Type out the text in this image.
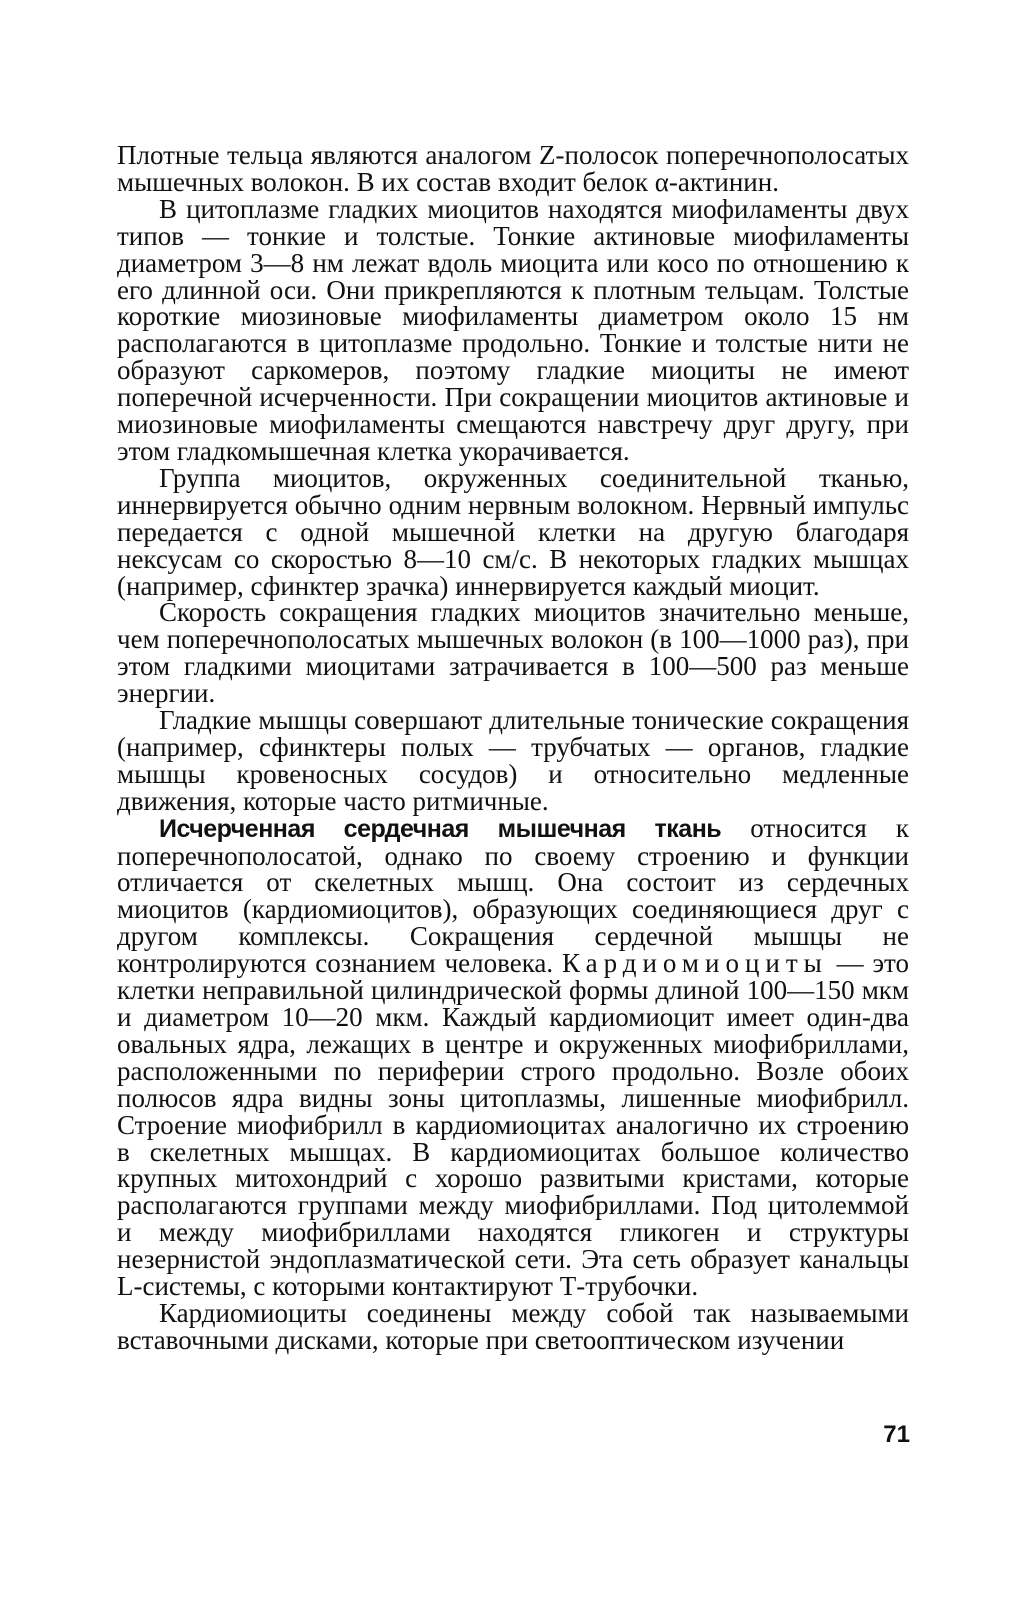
Плотные тельца являются аналогом Z-полосок поперечнополосатых мышечных волокон. В их состав входит белок α-актинин.

В цитоплазме гладких миоцитов находятся миофиламенты двух типов — тонкие и толстые. Тонкие актиновые миофиламенты диаметром 3—8 нм лежат вдоль миоцита или косо по отношению к его длинной оси. Они прикрепляются к плотным тельцам. Толстые короткие миозиновые миофиламенты диаметром около 15 нм располагаются в цитоплазме продольно. Тонкие и толстые нити не образуют саркомеров, поэтому гладкие миоциты не имеют поперечной исчерченности. При сокращении миоцитов актиновые и миозиновые миофиламенты смещаются навстречу друг другу, при этом гладкомышечная клетка укорачивается.

Группа миоцитов, окруженных соединительной тканью, иннервируется обычно одним нервным волокном. Нервный импульс передается с одной мышечной клетки на другую благодаря нексусам со скоростью 8—10 см/с. В некоторых гладких мышцах (например, сфинктер зрачка) иннервируется каждый миоцит.

Скорость сокращения гладких миоцитов значительно меньше, чем поперечнополосатых мышечных волокон (в 100—1000 раз), при этом гладкими миоцитами затрачивается в 100—500 раз меньше энергии.

Гладкие мышцы совершают длительные тонические сокращения (например, сфинктеры полых — трубчатых — органов, гладкие мышцы кровеносных сосудов) и относительно медленные движения, которые часто ритмичные.

Исчерченная сердечная мышечная ткань относится к поперечнополосатой, однако по своему строению и функции отличается от скелетных мышц. Она состоит из сердечных миоцитов (кардиомиоцитов), образующих соединяющиеся друг с другом комплексы. Сокращения сердечной мышцы не контролируются сознанием человека. Кардиомиоциты — это клетки неправильной цилиндрической формы длиной 100—150 мкм и диаметром 10—20 мкм. Каждый кардиомиоцит имеет один-два овальных ядра, лежащих в центре и окруженных миофибриллами, расположенными по периферии строго продольно. Возле обоих полюсов ядра видны зоны цитоплазмы, лишенные миофибрилл. Строение миофибрилл в кардиомиоцитах аналогично их строению в скелетных мышцах. В кардиомиоцитах большое количество крупных митохондрий с хорошо развитыми кристами, которые располагаются группами между миофибриллами. Под цитолеммой и между миофибриллами находятся гликоген и структуры незернистой эндоплазматической сети. Эта сеть образует канальцы L-системы, с которыми контактируют Т-трубочки.

Кардиомиоциты соединены между собой так называемыми вставочными дисками, которые при светооптическом изучении

71
